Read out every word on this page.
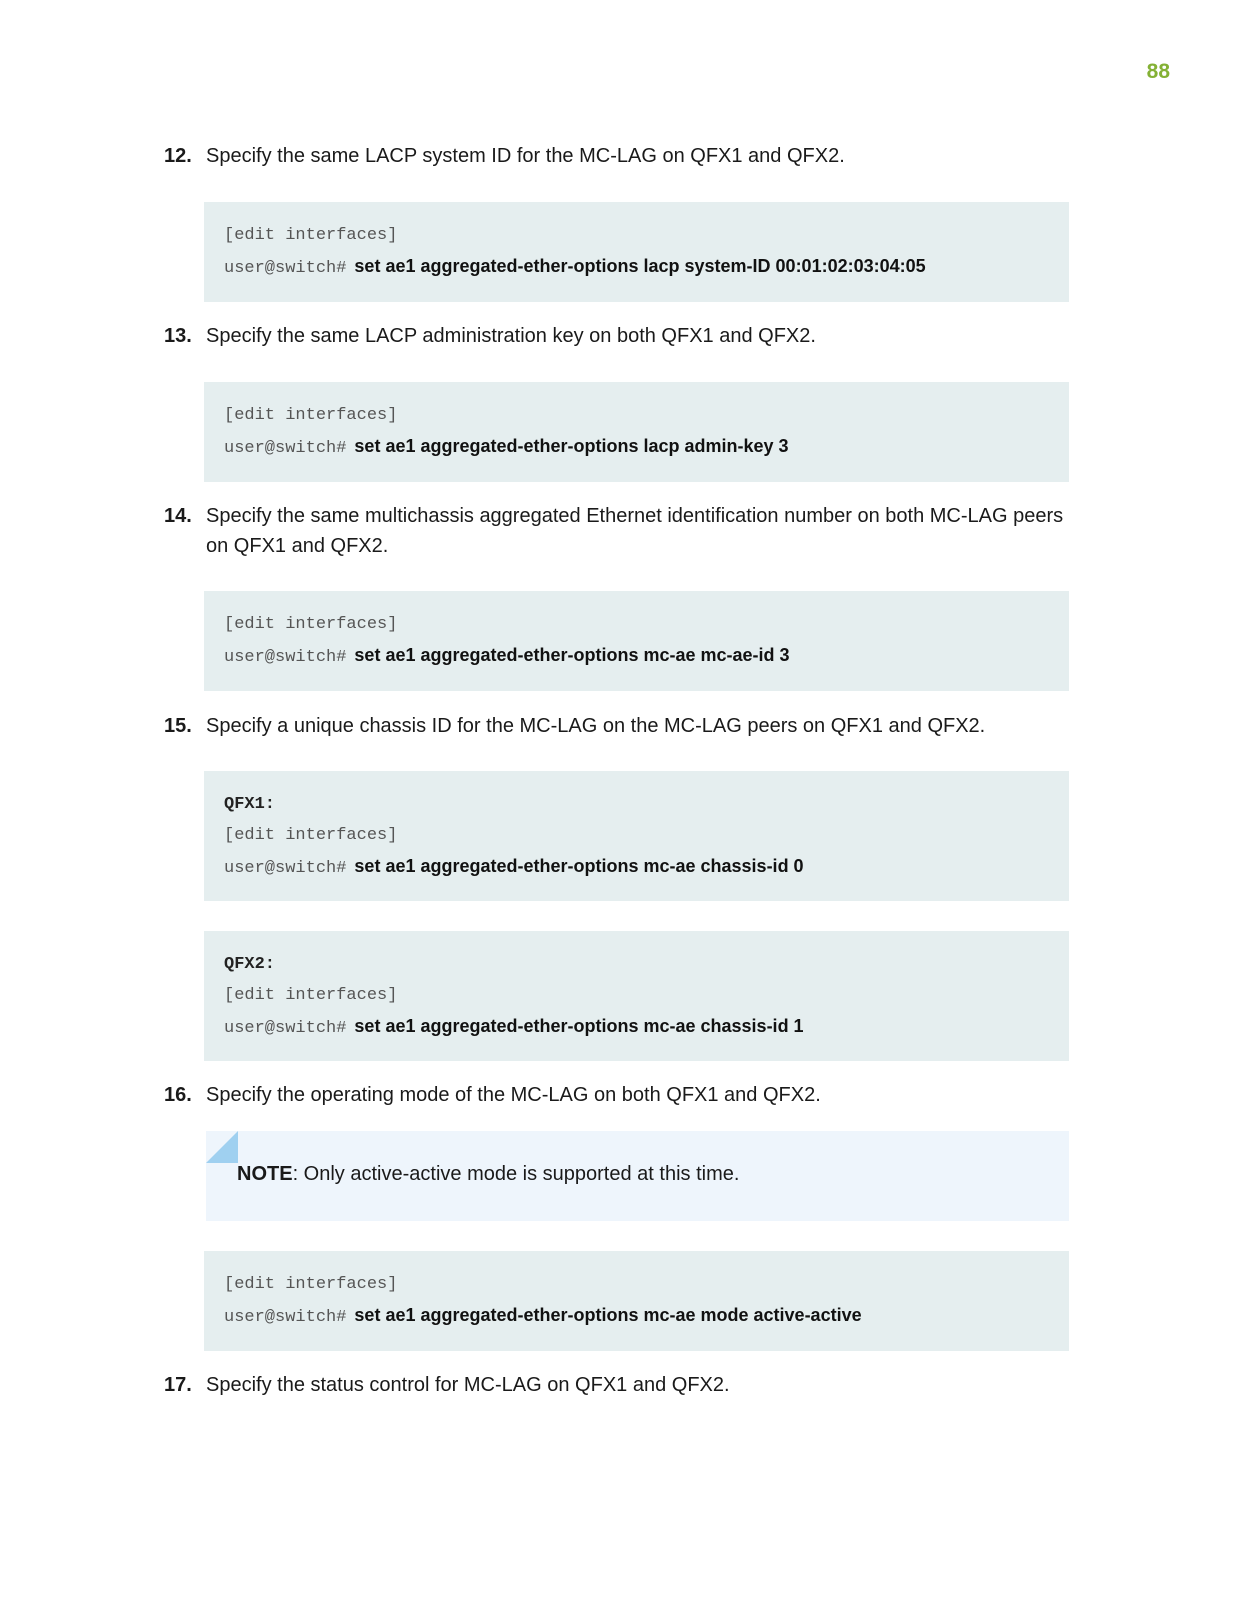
88
12. Specify the same LACP system ID for the MC-LAG on QFX1 and QFX2.
[edit interfaces]
user@switch# set ae1 aggregated-ether-options lacp system-ID 00:01:02:03:04:05
13. Specify the same LACP administration key on both QFX1 and QFX2.
[edit interfaces]
user@switch# set ae1 aggregated-ether-options lacp admin-key 3
14. Specify the same multichassis aggregated Ethernet identification number on both MC-LAG peers on QFX1 and QFX2.
[edit interfaces]
user@switch# set ae1 aggregated-ether-options mc-ae mc-ae-id 3
15. Specify a unique chassis ID for the MC-LAG on the MC-LAG peers on QFX1 and QFX2.
QFX1:
[edit interfaces]
user@switch# set ae1 aggregated-ether-options mc-ae chassis-id 0
QFX2:
[edit interfaces]
user@switch# set ae1 aggregated-ether-options mc-ae chassis-id 1
16. Specify the operating mode of the MC-LAG on both QFX1 and QFX2.
NOTE: Only active-active mode is supported at this time.
[edit interfaces]
user@switch# set ae1 aggregated-ether-options mc-ae mode active-active
17. Specify the status control for MC-LAG on QFX1 and QFX2.
